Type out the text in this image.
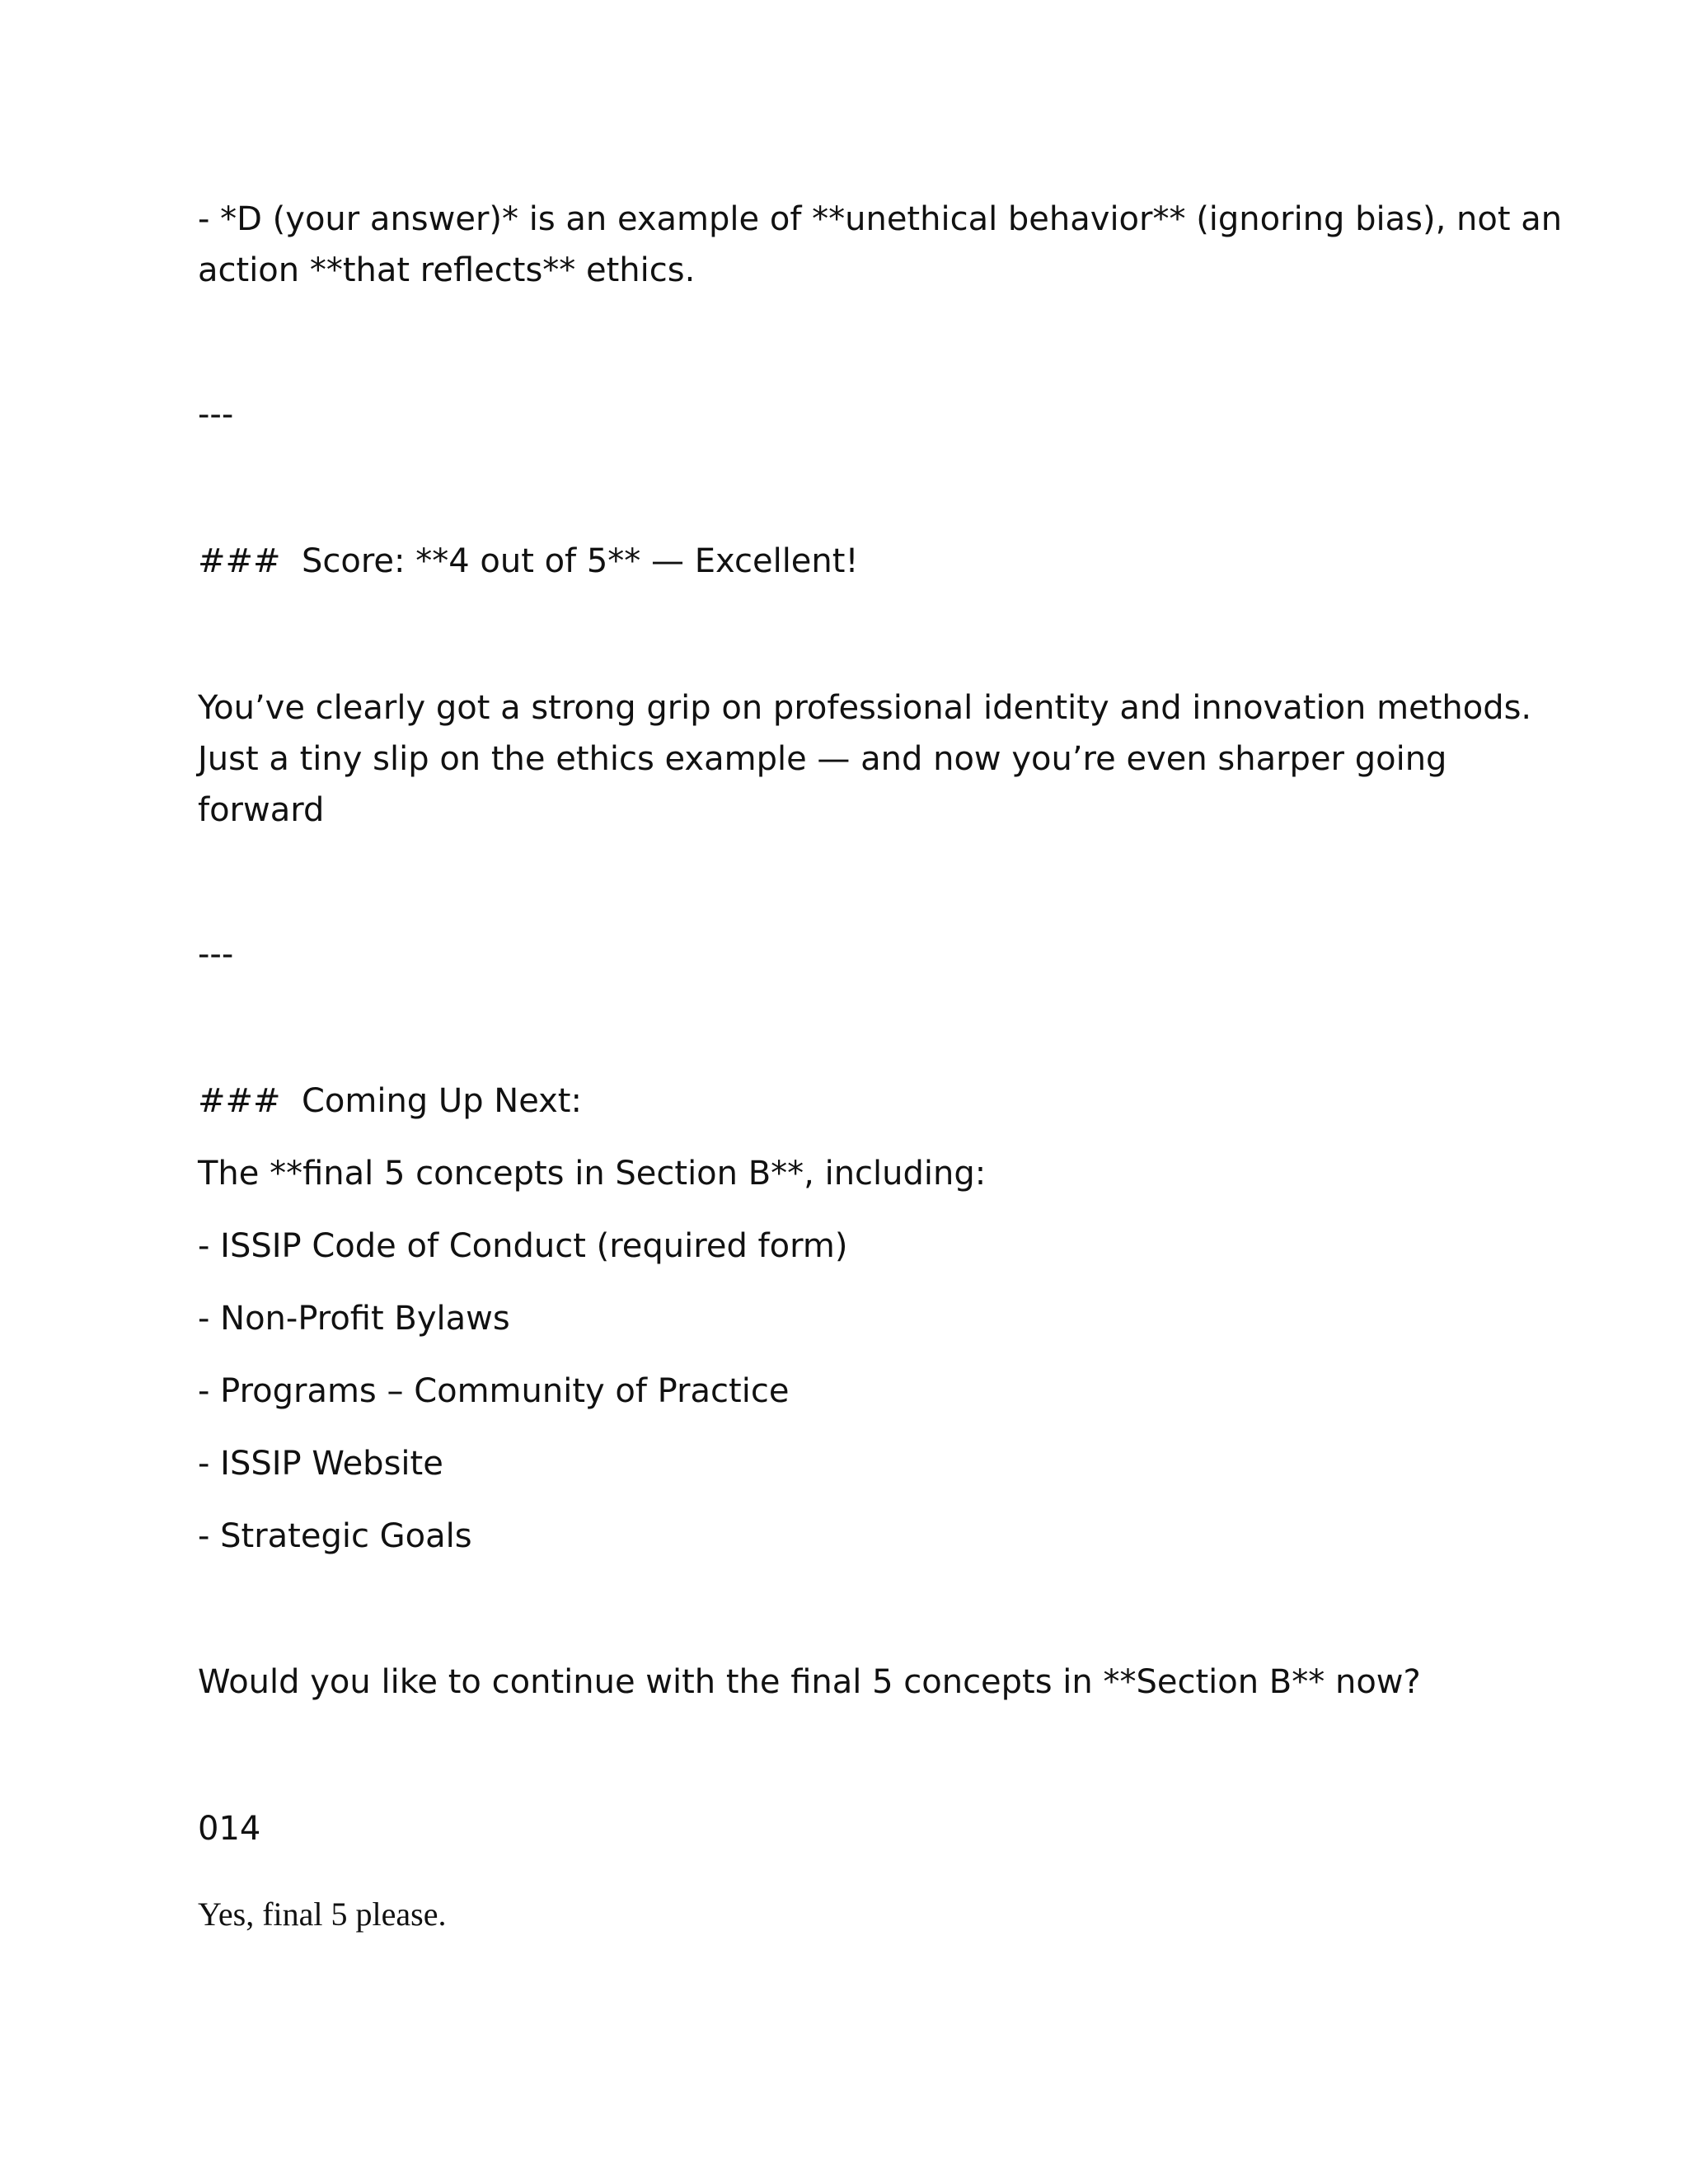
- *D (your answer)* is an example of **unethical behavior** (ignoring bias), not an

action **that reflects** ethics.

---

### ￼ Score: **4 out of 5** — Excellent!

You’ve clearly got a strong grip on professional identity and innovation methods.

Just a tiny slip on the ethics example — and now you’re even sharper going

forward ￼

---

### ￼ Coming Up Next:

The **final 5 concepts in Section B**, including:

- ISSIP Code of Conduct (required form)

- Non-Profit Bylaws

- Programs – Community of Practice

- ISSIP Website

- Strategic Goals

Would you like to continue with the final 5 concepts in **Section B** now?

014

Yes, final 5 please.
